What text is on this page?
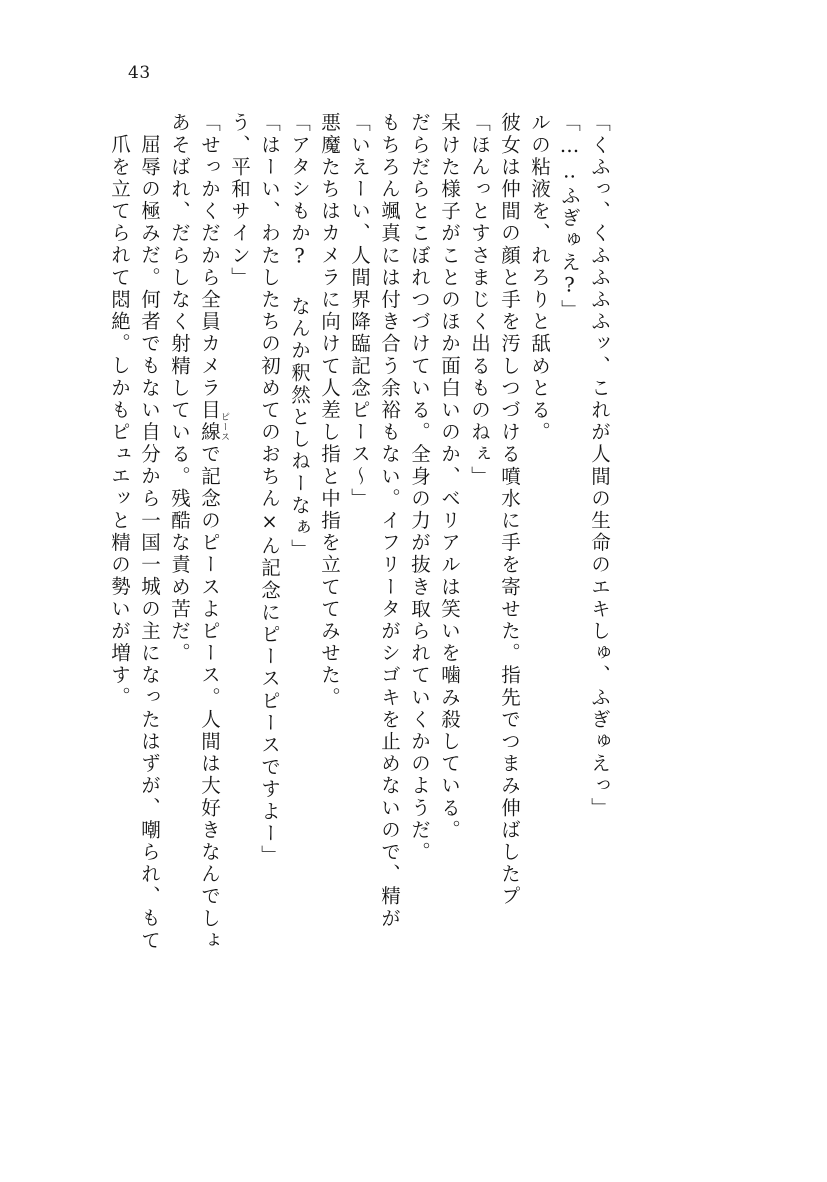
43
爪を立てられて悶絶。しかもピュエッと精の勢いが増す。 屈辱の極みだ。何者でもない自分から一国一城の主になったはずが、嘲られ、もて あそばれ、だらしなく射精している。残酷な責め苦だ。 「せっかくだから全員カメラ目線で記念のピースよピース。人間は大好きなんでしょ
ピース
う、平和サイン」 「はーい、わたしたちの初めてのおちん×ん記念にピースピースですよー」 「アタシもか? なんか釈然としねーなぁ」 悪魔たちはカメラに向けて人差し指と中指を立ててみせた。 「いえーい、人間界降臨記念ピース〜」 もちろん颯真には付き合う余裕もない。イフリータがシゴキを止めないので、精が だらだらとこぼれつづけている。全身の力が抜き取られていくかのようだ。 呆けた様子がことのほか面白いのか、ベリアルは笑いを噛み殺している。 「ほんっとすさまじく出るものねぇ」 彼女は仲間の顔と手を汚しつづける噴水に手を寄せた。指先でつまみ伸ばしたプ ルの粘液を、れろりと舐めとる。 「…‥ふぎゅえ?」 「くふっ、くふふふふッ、これが人間の生命のエキしゅ、ふぎゅえっ」
